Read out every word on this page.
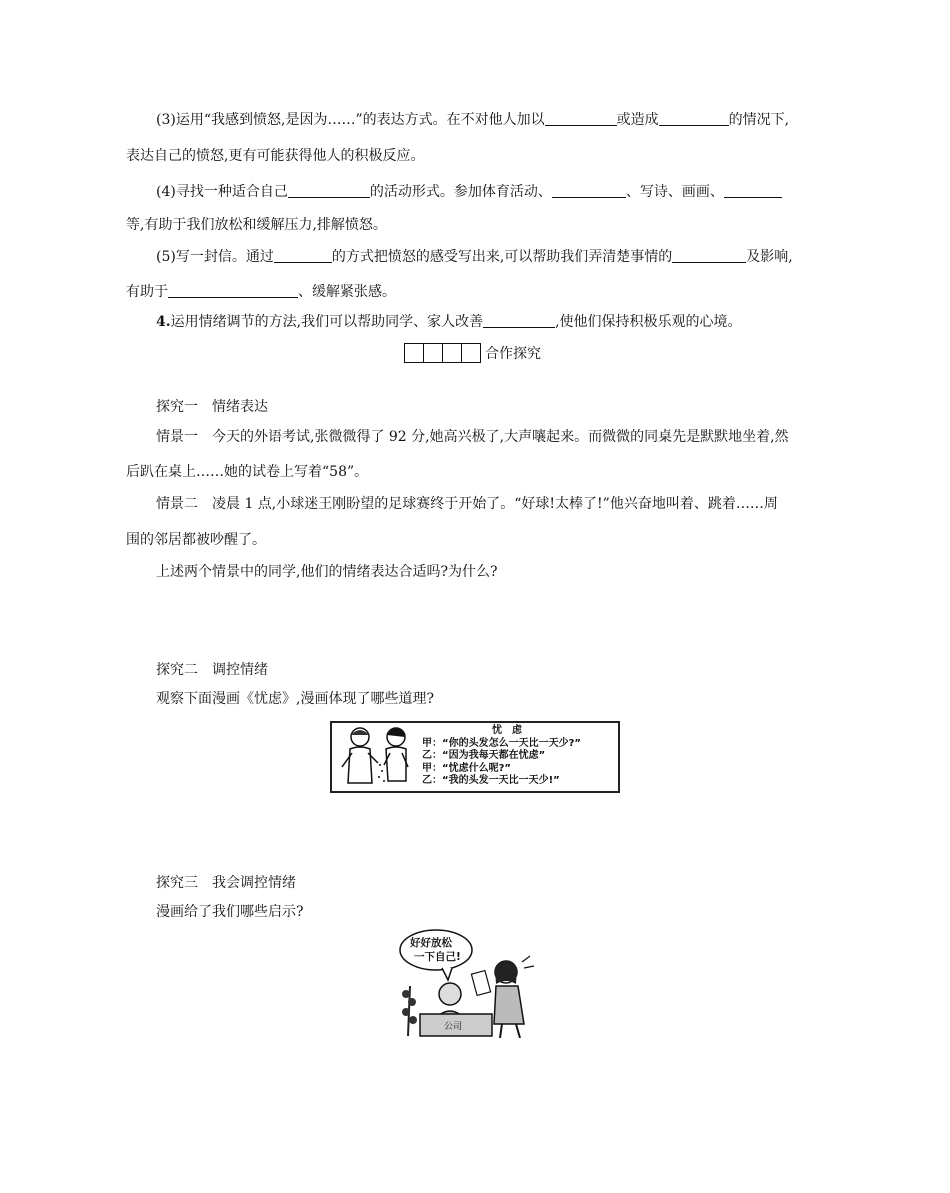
(3)运用“我感到愤怒,是因为……”的表达方式。在不对他人加以	或造成	的情况下,
表达自己的愤怒,更有可能获得他人的积极反应。
(4)寻找一种适合自己	的活动形式。参加体育活动、	、写诗、画画、
等,有助于我们放松和缓解压力,排解愤怒。
(5)写一封信。通过	的方式把愤怒的感受写出来,可以帮助我们弄清楚事情的	及影响,
有助于	、缓解紧张感。
4.运用情绪调节的方法,我们可以帮助同学、家人改善	,使他们保持积极乐观的心境。
合作探究
探究一　情绪表达
情景一　今天的外语考试,张微微得了 92 分,她高兴极了,大声嚷起来。而微微的同桌先是默默地坐着,然
后趴在桌上……她的试卷上写着“58”。
情景二　凌晨 1 点,小球迷王刚盼望的足球赛终于开始了。“好球!太棒了!”他兴奋地叫着、跳着……周
围的邻居都被吵醒了。
上述两个情景中的同学,他们的情绪表达合适吗?为什么?
探究二　调控情绪
观察下面漫画《忧虑》,漫画体现了哪些道理?
忧　虑
甲：“你的头发怎么一天比一天少?”
乙：“因为我每天都在忧虑”
甲：“忧虑什么呢?”
乙：“我的头发一天比一天少!”
探究三　我会调控情绪
漫画给了我们哪些启示?
好好放松
一下自己!
公司
